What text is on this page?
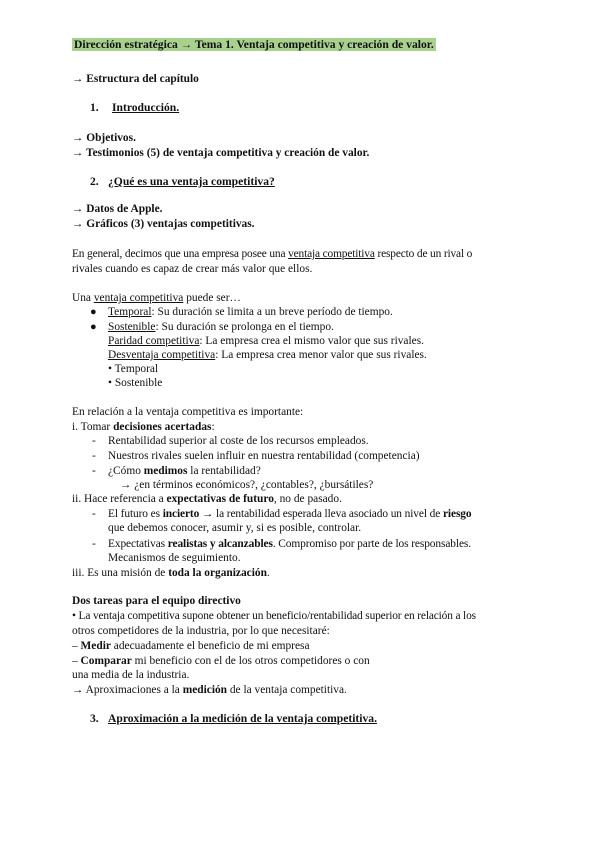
Dirección estratégica → Tema 1. Ventaja competitiva y creación de valor.
→ Estructura del capítulo
1. Introducción.
→ Objetivos.
→ Testimonios (5) de ventaja competitiva y creación de valor.
2. ¿Qué es una ventaja competitiva?
→ Datos de Apple.
→ Gráficos (3) ventajas competitivas.
En general, decimos que una empresa posee una ventaja competitiva respecto de un rival o
rivales cuando es capaz de crear más valor que ellos.
Una ventaja competitiva puede ser…
● Temporal: Su duración se limita a un breve período de tiempo.
● Sostenible: Su duración se prolonga en el tiempo.
Paridad competitiva: La empresa crea el mismo valor que sus rivales.
Desventaja competitiva: La empresa crea menor valor que sus rivales.
• Temporal
• Sostenible
En relación a la ventaja competitiva es importante:
i. Tomar decisiones acertadas:
- Rentabilidad superior al coste de los recursos empleados.
- Nuestros rivales suelen influir en nuestra rentabilidad (competencia)
- ¿Cómo medimos la rentabilidad?
→ ¿en términos económicos?, ¿contables?, ¿bursátiles?
ii. Hace referencia a expectativas de futuro, no de pasado.
- El futuro es incierto → la rentabilidad esperada lleva asociado un nivel de riesgo
que debemos conocer, asumir y, si es posible, controlar.
- Expectativas realistas y alcanzables. Compromiso por parte de los responsables.
Mecanismos de seguimiento.
iii. Es una misión de toda la organización.
Dos tareas para el equipo directivo
• La ventaja competitiva supone obtener un beneficio/rentabilidad superior en relación a los
otros competidores de la industria, por lo que necesitaré:
– Medir adecuadamente el beneficio de mi empresa
– Comparar mi beneficio con el de los otros competidores o con
una media de la industria.
→ Aproximaciones a la medición de la ventaja competitiva.
3. Aproximación a la medición de la ventaja competitiva.
